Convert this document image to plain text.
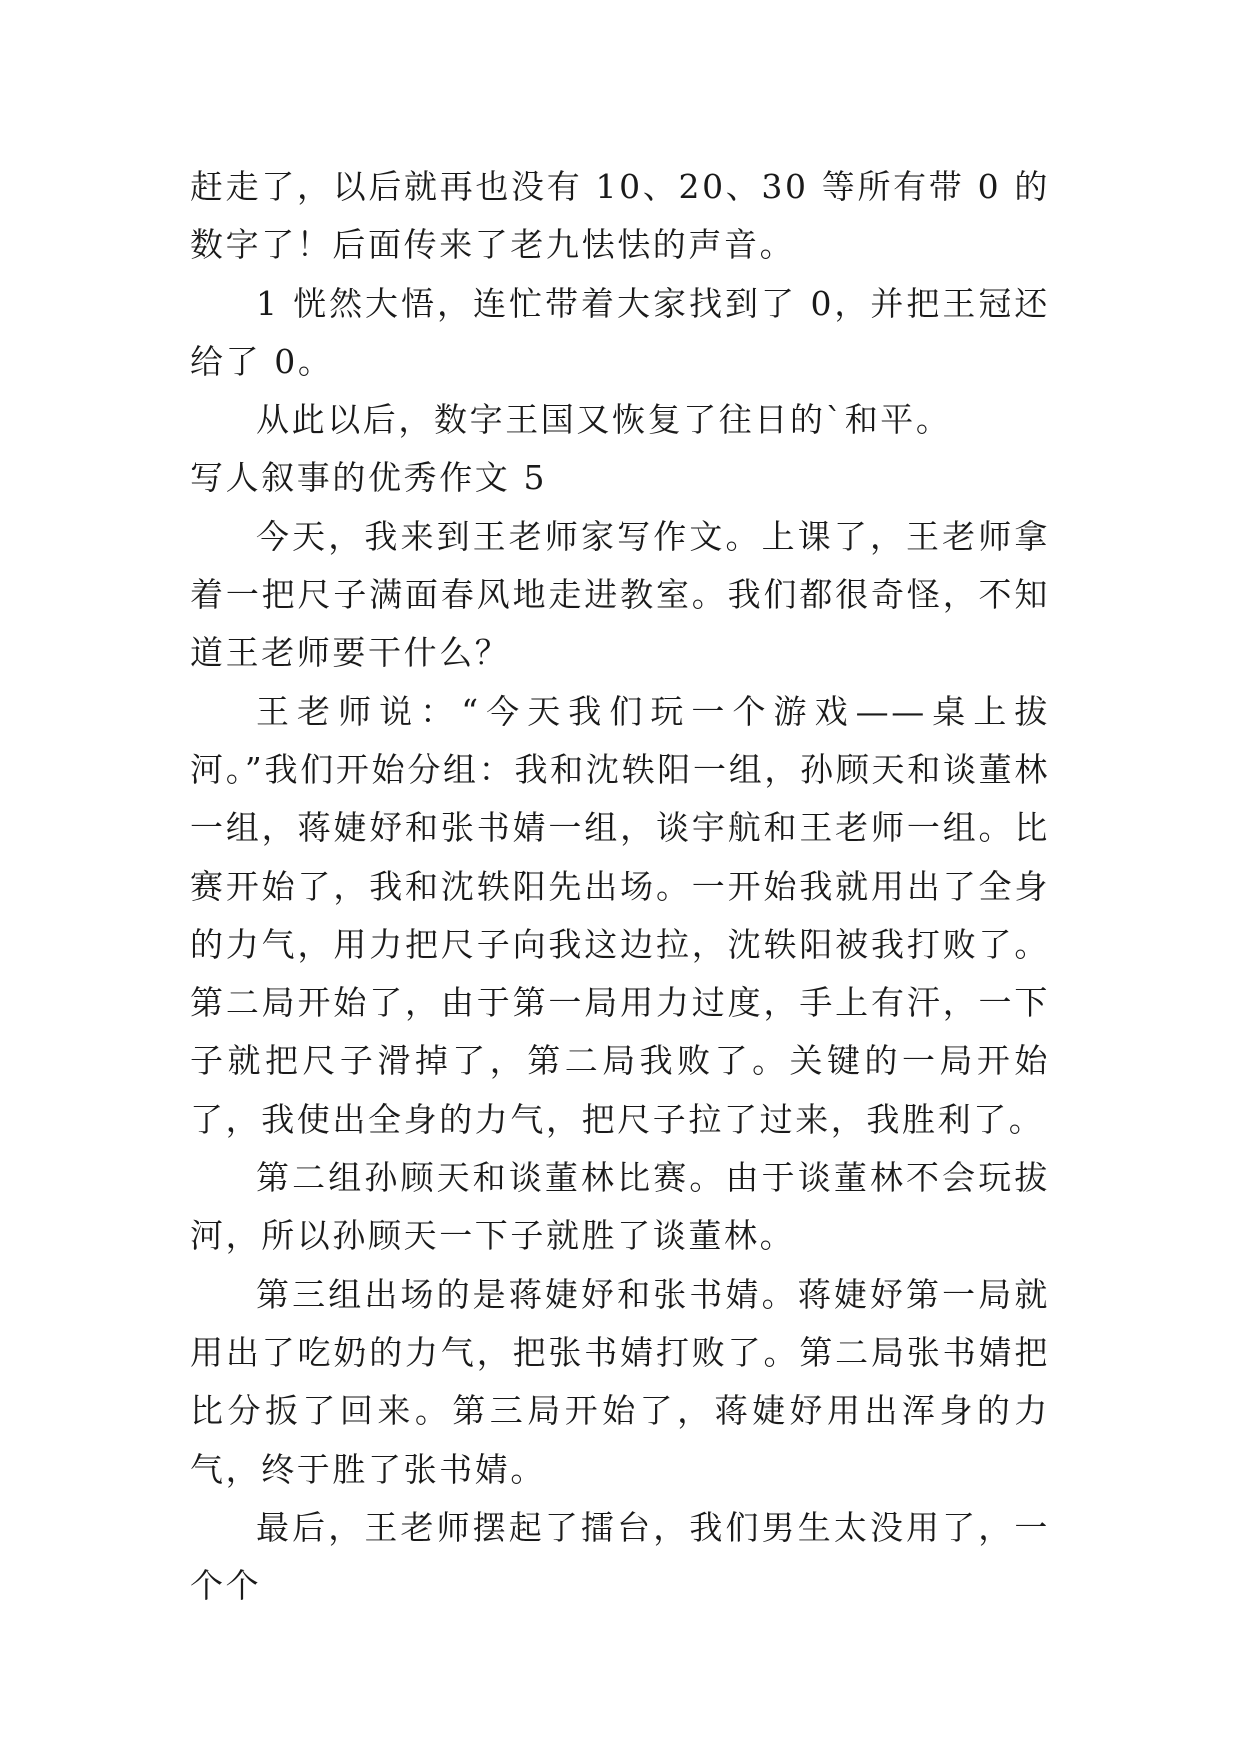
赶走了，以后就再也没有 10、20、30 等所有带 0 的数字了！后面传来了老九怯怯的声音。

1 恍然大悟，连忙带着大家找到了 0，并把王冠还给了 0。

从此以后，数字王国又恢复了往日的`和平。

写人叙事的优秀作文 5

今天，我来到王老师家写作文。上课了，王老师拿着一把尺子满面春风地走进教室。我们都很奇怪，不知道王老师要干什么？

王老师说：“今天我们玩一个游戏——桌上拔河。”我们开始分组：我和沈轶阳一组，孙顾天和谈董林一组，蒋婕妤和张书婧一组，谈宇航和王老师一组。比赛开始了，我和沈轶阳先出场。一开始我就用出了全身的力气，用力把尺子向我这边拉，沈轶阳被我打败了。第二局开始了，由于第一局用力过度，手上有汗，一下子就把尺子滑掉了，第二局我败了。关键的一局开始了，我使出全身的力气，把尺子拉了过来，我胜利了。

第二组孙顾天和谈董林比赛。由于谈董林不会玩拔河，所以孙顾天一下子就胜了谈董林。

第三组出场的是蒋婕妤和张书婧。蒋婕妤第一局就用出了吃奶的力气，把张书婧打败了。第二局张书婧把比分扳了回来。第三局开始了，蒋婕妤用出浑身的力气，终于胜了张书婧。

最后，王老师摆起了擂台，我们男生太没用了，一个个
